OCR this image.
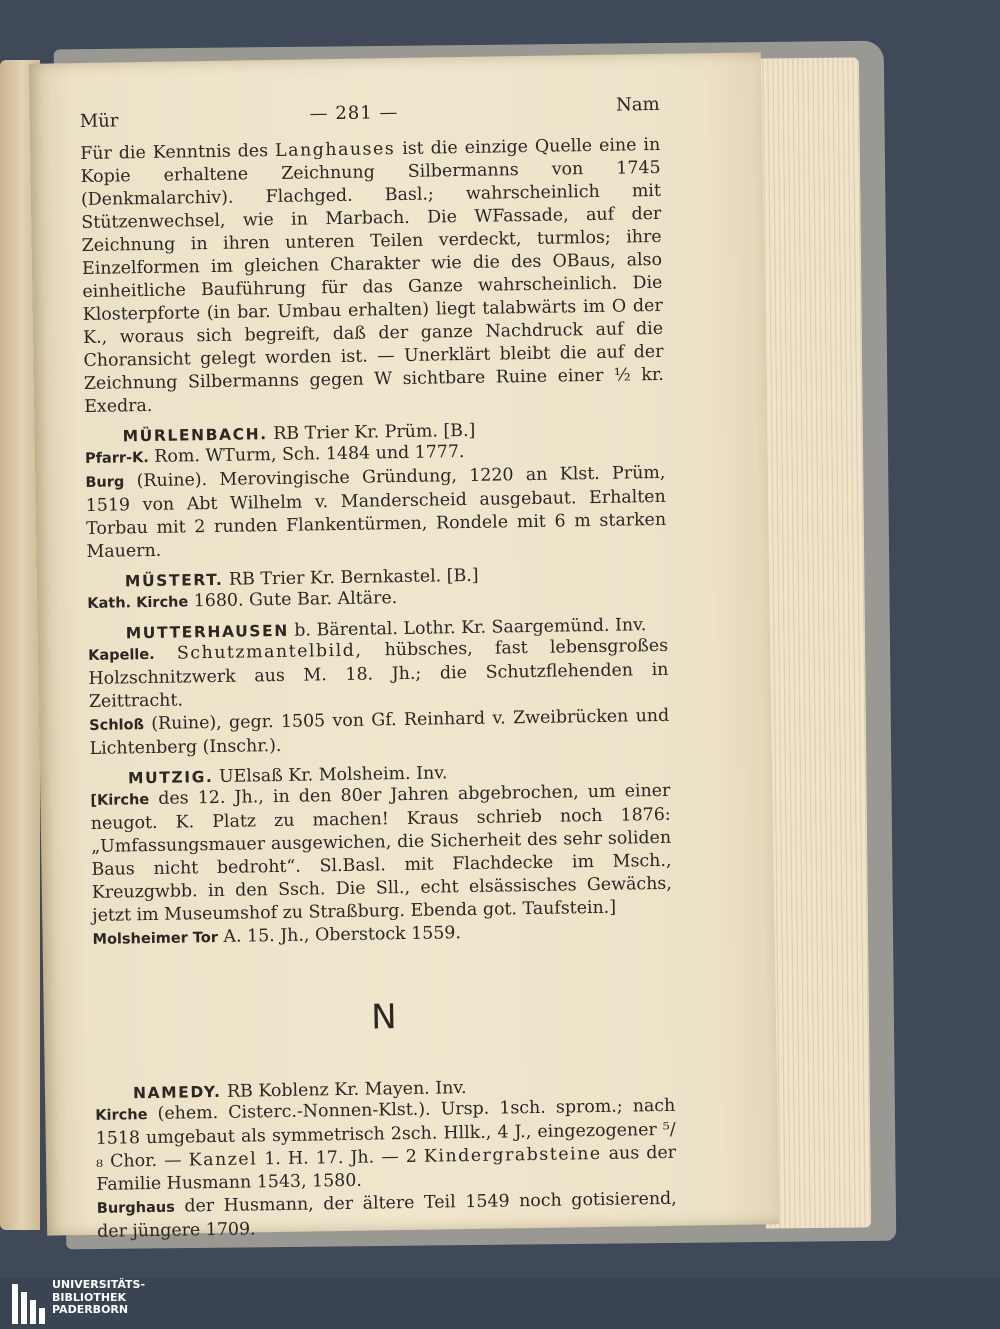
Mür	— 281 —	Nam

Für die Kenntnis des Langhauses ist die einzige Quelle eine in Kopie erhaltene Zeichnung Silbermanns von 1745 (Denkmalarchiv). Flachged. Basl.; wahrscheinlich mit Stützenwechsel, wie in Marbach. Die WFassade, auf der Zeichnung in ihren unteren Teilen verdeckt, turmlos; ihre Einzelformen im gleichen Charakter wie die des OBaus, also einheitliche Bauführung für das Ganze wahrscheinlich. Die Klosterpforte (in bar. Umbau erhalten) liegt talabwärts im O der K., woraus sich begreift, daß der ganze Nachdruck auf die Choransicht gelegt worden ist. — Unerklärt bleibt die auf der Zeichnung Silbermanns gegen W sichtbare Ruine einer ½ kr. Exedra.

MÜRLENBACH. RB Trier Kr. Prüm. [B.]

Pfarr-K. Rom. WTurm, Sch. 1484 und 1777.

Burg (Ruine). Merovingische Gründung, 1220 an Klst. Prüm, 1519 von Abt Wilhelm v. Manderscheid ausgebaut. Erhalten Torbau mit 2 runden Flankentürmen, Rondele mit 6 m starken Mauern.

MÜSTERT. RB Trier Kr. Bernkastel. [B.]

Kath. Kirche 1680. Gute Bar. Altäre.

MUTTERHAUSEN b. Bärental. Lothr. Kr. Saargemünd. Inv.

Kapelle. Schutzmantelbild, hübsches, fast lebensgroßes Holzschnitzwerk aus M. 18. Jh.; die Schutzflehenden in Zeittracht.

Schloß (Ruine), gegr. 1505 von Gf. Reinhard v. Zweibrücken und Lichtenberg (Inschr.).

MUTZIG. UElsaß Kr. Molsheim. Inv.

[Kirche des 12. Jh., in den 80er Jahren abgebrochen, um einer neugot. K. Platz zu machen! Kraus schrieb noch 1876: „Umfassungsmauer ausgewichen, die Sicherheit des sehr soliden Baus nicht bedroht“. Sl.Basl. mit Flachdecke im Msch., Kreuzgwbb. in den Ssch. Die Sll., echt elsässisches Gewächs, jetzt im Museumshof zu Straßburg. Ebenda got. Taufstein.]

Molsheimer Tor A. 15. Jh., Oberstock 1559.

N
NAMEDY. RB Koblenz Kr. Mayen. Inv.

Kirche (ehem. Cisterc.-Nonnen-Klst.). Ursp. 1sch. sprom.; nach 1518 umgebaut als symmetrisch 2sch. Hllk., 4 J., eingezogener ⁵/₈ Chor. — Kanzel 1. H. 17. Jh. — 2 Kindergrabsteine aus der Familie Husmann 1543, 1580.

Burghaus der Husmann, der ältere Teil 1549 noch gotisierend, der jüngere 1709.

UNIVERSITÄTS-
BIBLIOTHEK
PADERBORN
